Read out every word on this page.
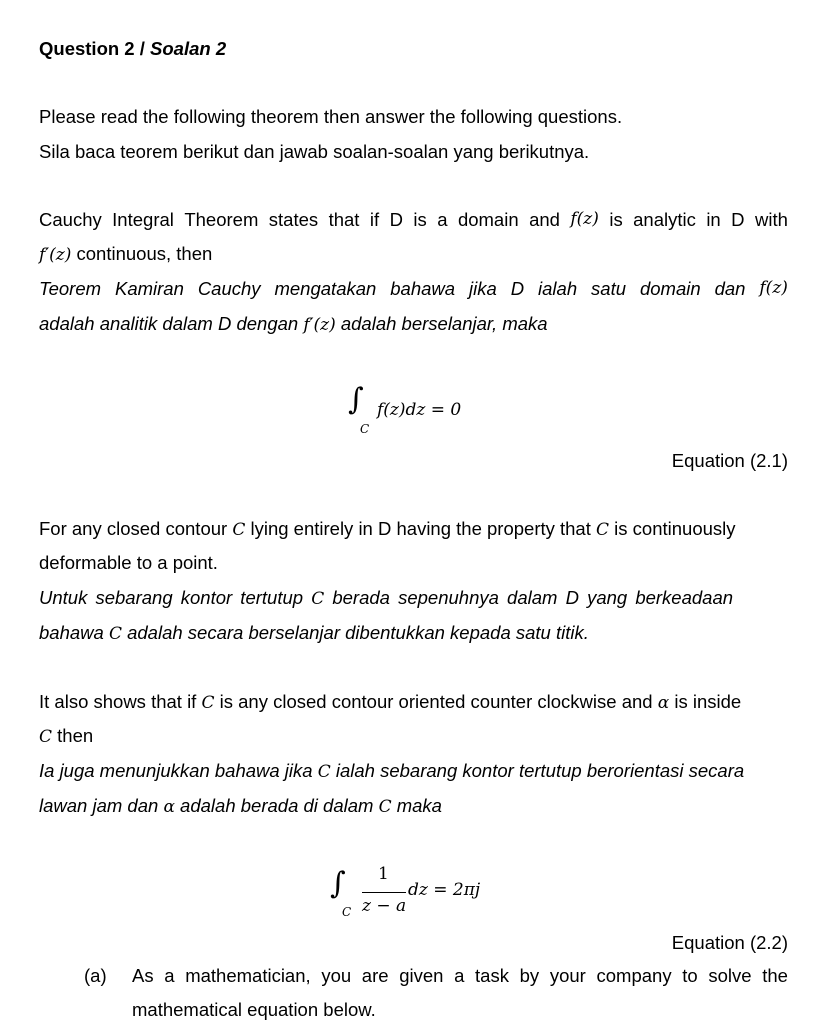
Question 2 / Soalan 2
Please read the following theorem then answer the following questions.
Sila baca teorem berikut dan jawab soalan-soalan yang berikutnya.
Cauchy Integral Theorem states that if D is a domain and f(z) is analytic in D with
f′(z) continuous, then
Teorem Kamiran Cauchy mengatakan bahawa jika D ialah satu domain dan f(z)
adalah analitik dalam D dengan f′(z) adalah berselanjar, maka
∫
C
f(z)dz = 0
Equation (2.1)
For any closed contour C lying entirely in D having the property that C is continuously
deformable to a point.
Untuk sebarang kontor tertutup C berada sepenuhnya dalam D yang berkeadaan
bahawa C adalah secara berselanjar dibentukkan kepada satu titik.
It also shows that if C is any closed contour oriented counter clockwise and α is inside
C then
Ia juga menunjukkan bahawa jika C ialah sebarang kontor tertutup berorientasi secara
lawan jam dan α adalah berada di dalam C maka
∫
C
1
z − a
dz = 2πj
Equation (2.2)
(a) As a mathematician, you are given a task by your company to solve the
mathematical equation below.
